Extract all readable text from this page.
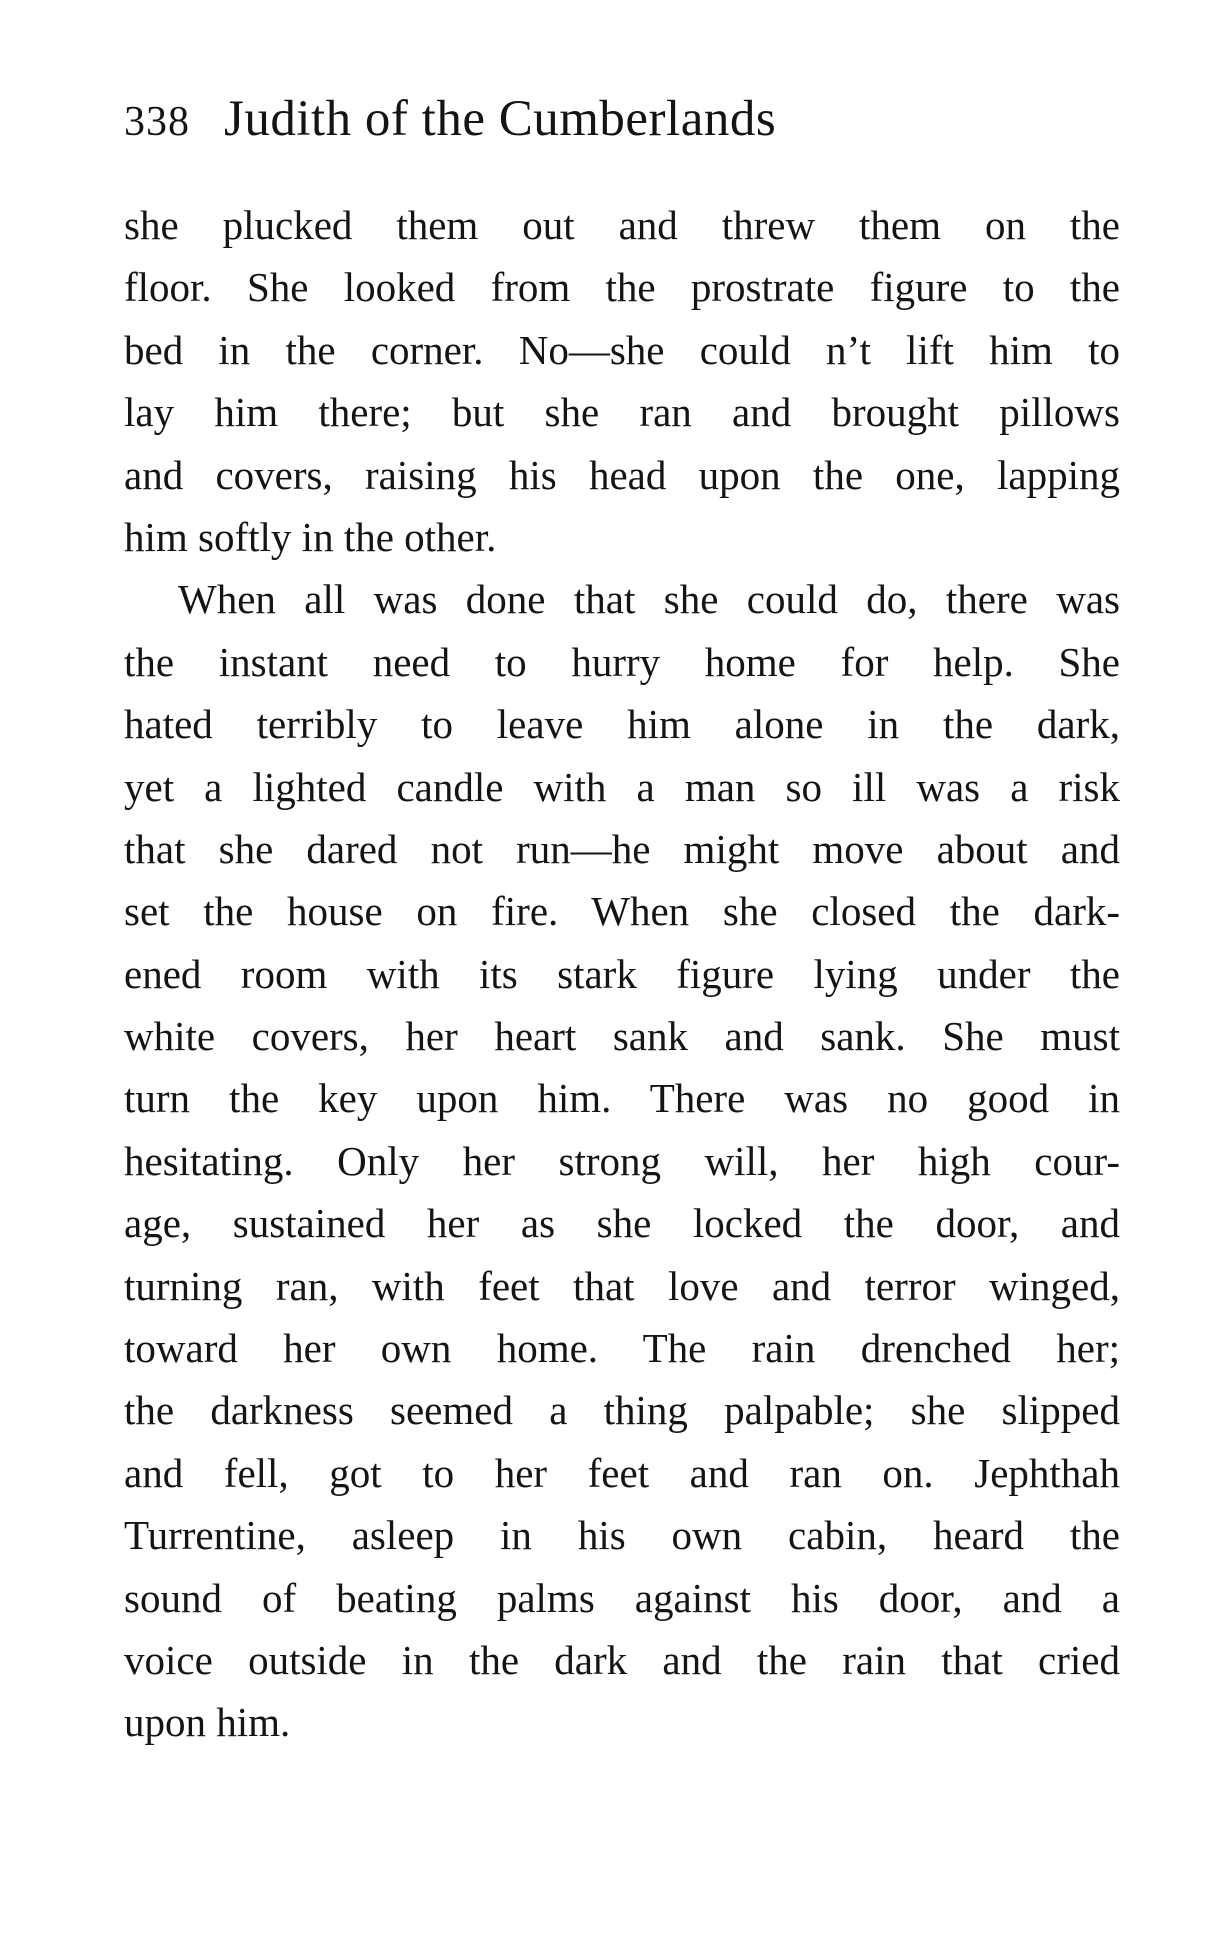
338 Judith of the Cumberlands
she plucked them out and threw them on the
floor. She looked from the prostrate figure to the
bed in the corner. No—she could n’t lift him to
lay him there; but she ran and brought pillows
and covers, raising his head upon the one, lapping
him softly in the other.
When all was done that she could do, there was
the instant need to hurry home for help. She
hated terribly to leave him alone in the dark,
yet a lighted candle with a man so ill was a risk
that she dared not run—he might move about and
set the house on fire. When she closed the dark-
ened room with its stark figure lying under the
white covers, her heart sank and sank. She must
turn the key upon him. There was no good in
hesitating. Only her strong will, her high cour-
age, sustained her as she locked the door, and
turning ran, with feet that love and terror winged,
toward her own home. The rain drenched her;
the darkness seemed a thing palpable; she slipped
and fell, got to her feet and ran on. Jephthah
Turrentine, asleep in his own cabin, heard the
sound of beating palms against his door, and a
voice outside in the dark and the rain that cried
upon him.
